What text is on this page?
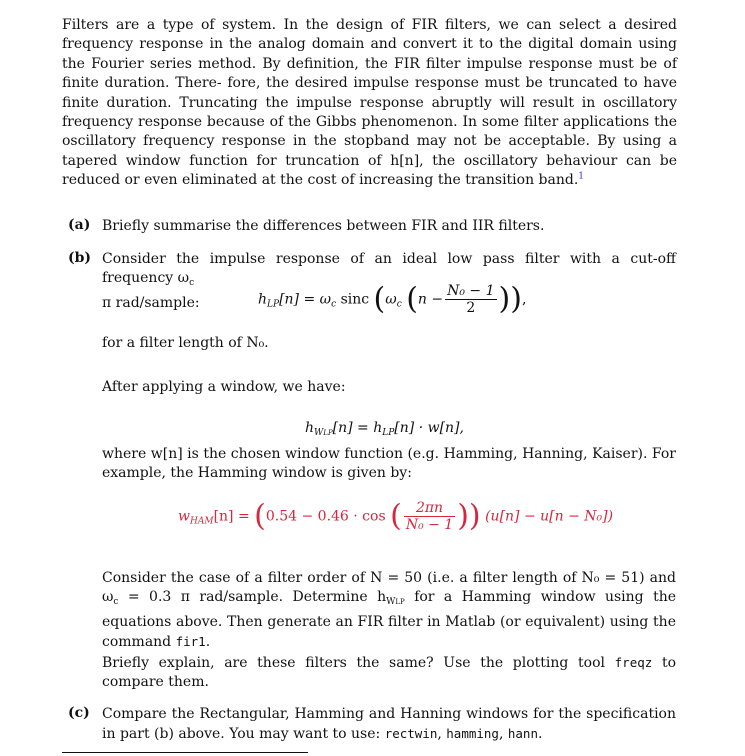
Filters are a type of system. In the design of FIR filters, we can select a desired frequency response in the analog domain and convert it to the digital domain using the Fourier series method. By definition, the FIR filter impulse response must be of finite duration. There- fore, the desired impulse response must be truncated to have finite duration. Truncating the impulse response abruptly will result in oscillatory frequency response because of the Gibbs phenomenon. In some filter applications the oscillatory frequency response in the stopband may not be acceptable. By using a tapered window function for truncation of h[n], the oscillatory behaviour can be reduced or even eliminated at the cost of increasing the transition band.$^1$
(a) Briefly summarise the differences between FIR and IIR filters.
(b) Consider the impulse response of an ideal low pass filter with a cut-off frequency $\omega_c$
π rad/sample:	$h_{LP}[n] = \omega_c$ sinc ($\omega_c$ ($n - \frac{\text{N₀ − 1}}{2}$ )),
for a filter length of N₀.
After applying a window, we have:
$h_{WLP}[n] = h_{LP}[n] \cdot w[n]$,
where w[n] is the chosen window function (e.g. Hamming, Hanning, Kaiser). For example, the Hamming window is given by:
$w_{HAM}[n] = (0.54 - 0.46 \cdot \cos$ ( $\frac{2\pi n}{\text{N₀ − 1}}$ )) (u[n] − u[n − N₀])
Consider the case of a filter order of N = 50 (i.e. a filter length of N₀ = 51) and $\omega_c = 0.3$ π rad/sample. Determine $h_{WLP}$ for a Hamming window using the equations above. Then generate an FIR filter in Matlab (or equivalent) using the command fir1.
Briefly explain, are these filters the same? Use the plotting tool freqz to compare them.
(c) Compare the Rectangular, Hamming and Hanning windows for the specification in part (b) above. You may want to use: rectwin, hamming, hann.
